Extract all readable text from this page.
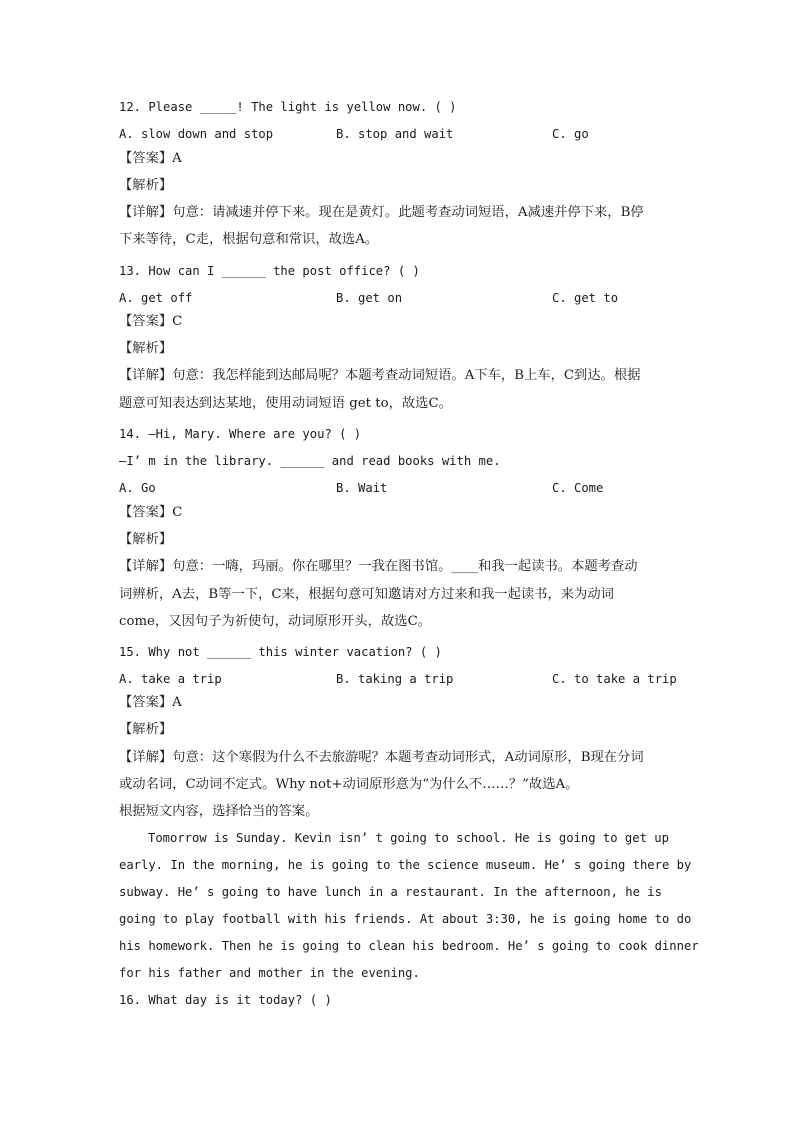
12. Please _____! The light is yellow now. ( )
A. slow down and stop	B. stop and wait	C. go
【答案】A
【解析】
【详解】句意：请减速并停下来。现在是黄灯。此题考查动词短语，A减速并停下来，B停
下来等待，C走，根据句意和常识，故选A。
13. How can I ______ the post office? ( )
A. get off	B. get on	C. get to
【答案】C
【解析】
【详解】句意：我怎样能到达邮局呢？本题考查动词短语。A下车，B上车，C到达。根据
题意可知表达到达某地，使用动词短语 get to，故选C。
14. —Hi, Mary. Where are you? ( )
—I’ m in the library. ______ and read books with me.
A. Go	B. Wait	C. Come
【答案】C
【解析】
【详解】句意：一嗨，玛丽。你在哪里？一我在图书馆。____和我一起读书。本题考查动
词辨析，A去，B等一下，C来，根据句意可知邀请对方过来和我一起读书，来为动词
come，又因句子为祈使句，动词原形开头，故选C。
15. Why not ______ this winter vacation? ( )
A. take a trip	B. taking a trip	C. to take a trip
【答案】A
【解析】
【详解】句意：这个寒假为什么不去旅游呢？本题考查动词形式，A动词原形，B现在分词
或动名词，C动词不定式。Why not+动词原形意为“为什么不……？”故选A。
根据短文内容，选择恰当的答案。
Tomorrow is Sunday. Kevin isn’ t going to school. He is going to get up
early. In the morning, he is going to the science museum. He’ s going there by
subway. He’ s going to have lunch in a restaurant. In the afternoon, he is
going to play football with his friends. At about 3:30, he is going home to do
his homework. Then he is going to clean his bedroom. He’ s going to cook dinner
for his father and mother in the evening.
16. What day is it today? ( )
